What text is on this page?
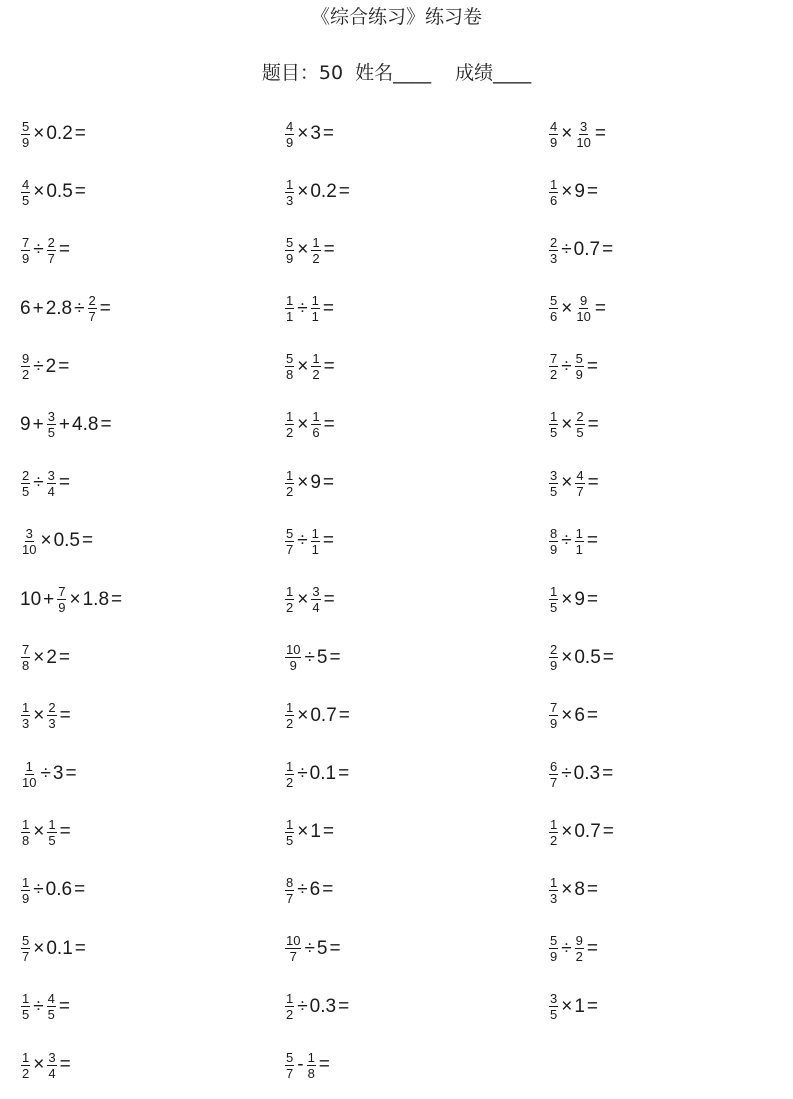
《综合练习》练习卷
题目：50 姓名____ 成绩____
$\frac{5}{9} \times 0.2$ =	$\frac{4}{9} \times 3$ =	$\frac{4}{9} \times \frac{3}{10}$ =
$\frac{4}{5} \times 0.5$ =	$\frac{1}{3} \times 0.2$ =	$\frac{1}{6} \times 9$ =
$\frac{7}{9} \div \frac{2}{7}$ =	$\frac{5}{9} \times \frac{1}{2}$ =	$\frac{2}{3} \div 0.7$ =
$6 + 2.8 \div \frac{2}{7}$ =	$\frac{1}{1} \div \frac{1}{1}$ =	$\frac{5}{6} \times \frac{9}{10}$ =
$\frac{9}{2} \div 2$ =	$\frac{5}{8} \times \frac{1}{2}$ =	$\frac{7}{2} \div \frac{5}{9}$ =
$9 + \frac{3}{5} + 4.8$ =	$\frac{1}{2} \times \frac{1}{6}$ =	$\frac{1}{5} \times \frac{2}{5}$ =
$\frac{2}{5} \div \frac{3}{4}$ =	$\frac{1}{2} \times 9$ =	$\frac{3}{5} \times \frac{4}{7}$ =
$\frac{3}{10} \times 0.5$ =	$\frac{5}{7} \div \frac{1}{1}$ =	$\frac{8}{9} \div \frac{1}{1}$ =
$10 + \frac{7}{9} \times 1.8$ =	$\frac{1}{2} \times \frac{3}{4}$ =	$\frac{1}{5} \times 9$ =
$\frac{7}{8} \times 2$ =	$\frac{10}{9} \div 5$ =	$\frac{2}{9} \times 0.5$ =
$\frac{1}{3} \times \frac{2}{3}$ =	$\frac{1}{2} \times 0.7$ =	$\frac{7}{9} \times 6$ =
$\frac{1}{10} \div 3$ =	$\frac{1}{2} \div 0.1$ =	$\frac{6}{7} \div 0.3$ =
$\frac{1}{8} \times \frac{1}{5}$ =	$\frac{1}{5} \times 1$ =	$\frac{1}{2} \times 0.7$ =
$\frac{1}{9} \div 0.6$ =	$\frac{8}{7} \div 6$ =	$\frac{1}{3} \times 8$ =
$\frac{5}{7} \times 0.1$ =	$\frac{10}{7} \div 5$ =	$\frac{5}{9} \div \frac{9}{2}$ =
$\frac{1}{5} \div \frac{4}{5}$ =	$\frac{1}{2} \div 0.3$ =	$\frac{3}{5} \times 1$ =
$\frac{1}{2} \times \frac{3}{4}$ =	$\frac{5}{7} - \frac{1}{8}$ =
